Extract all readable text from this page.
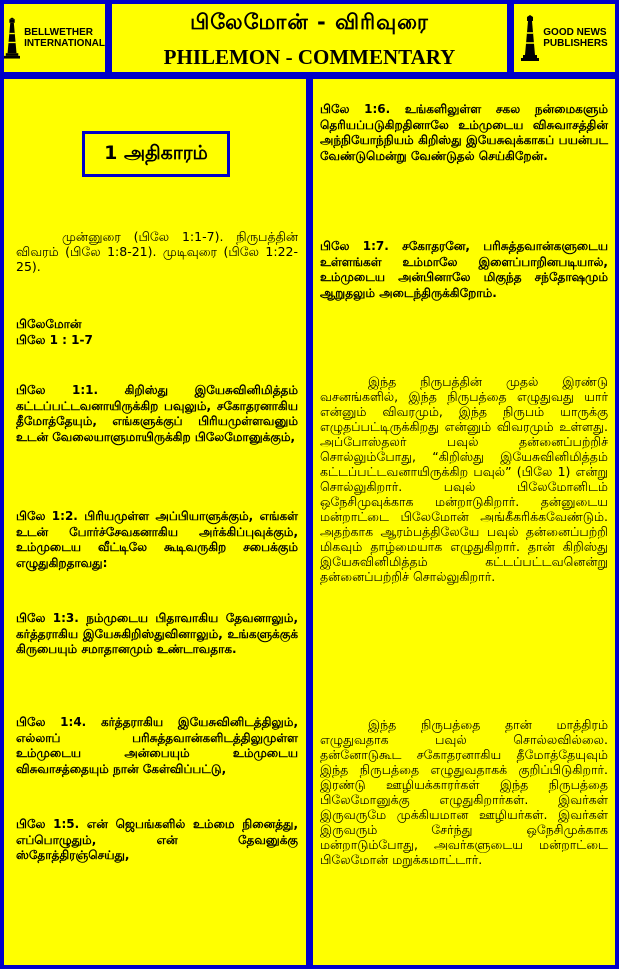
BELLWETHER
INTERNATIONAL
பிலேமோன் - விரிவுரை
PHILEMON - COMMENTARY
GOOD NEWS
PUBLISHERS
1 அதிகாரம்
முன்னுரை (பிலே 1:1-7). நிருபத்தின் விவரம் (பிலே 1:8-21). முடிவுரை (பிலே 1:22-25).

பிலேமோன்

பிலே 1 : 1-7

பிலே 1:1. கிறிஸ்து இயேசுவினிமித்தம் கட்டப்பட்டவனாயிருக்கிற பவுலும், சகோதரனாகிய தீமோத்தேயும், எங்களுக்குப் பிரியமுள்ளவனும் உடன் வேலையாளுமாயிருக்கிற பிலேமோனுக்கும்,
பிலே 1:2. பிரியமுள்ள அப்பியாளுக்கும், எங்கள் உடன் போர்ச்சேவகனாகிய அர்க்கிப்புவுக்கும், உம்முடைய வீட்டிலே கூடிவருகிற சபைக்கும் எழுதுகிறதாவது:
பிலே 1:3. நம்முடைய பிதாவாகிய தேவனாலும், கர்த்தராகிய இயேசுகிறிஸ்துவினாலும், உங்களுக்குக் கிருபையும் சமாதானமும் உண்டாவதாக.
பிலே 1:4. கர்த்தராகிய இயேசுவினிடத்திலும், எல்லாப் பரிசுத்தவான்களிடத்திலுமுள்ள உம்முடைய அன்பையும் உம்முடைய விசுவாசத்தையும் நான் கேள்விப்பட்டு,
பிலே 1:5. என் ஜெபங்களில் உம்மை நினைத்து, எப்பொழுதும், என் தேவனுக்கு ஸ்தோத்திரஞ்செய்து,
பிலே 1:6. உங்களிலுள்ள சகல நன்மைகளும் தெரியப்படுகிறதினாலே உம்முடைய விசுவாசத்தின் அந்நியோந்நியம் கிறிஸ்து இயேசுவுக்காகப் பயன்பட வேண்டுமென்று வேண்டுதல் செய்கிறேன்.
பிலே 1:7. சகோதரனே, பரிசுத்தவான்களுடைய உள்ளங்கள் உம்மாலே இளைப்பாறினபடியால், உம்முடைய அன்பினாலே மிகுந்த சந்தோஷமும் ஆறுதலும் அடைந்திருக்கிறோம்.
இந்த நிருபத்தின் முதல் இரண்டு வசனங்களில், இந்த நிருபத்தை எழுதுவது யார் என்னும் விவரமும், இந்த நிருபம் யாருக்கு எழுதப்பட்டிருக்கிறது என்னும் விவரமும் உள்ளது. அப்போஸ்தலர் பவுல் தன்னைப்பற்றிச் சொல்லும்போது, “கிறிஸ்து இயேசுவினிமித்தம் கட்டப்பட்டவனாயிருக்கிற பவுல்” (பிலே 1) என்று சொல்லுகிறார். பவுல் பிலேமோனிடம் ஒநேசிமுவுக்காக மன்றாடுகிறார். தன்னுடைய மன்றாட்டை பிலேமோன் அங்கீகரிக்கவேண்டும். அதற்காக ஆரம்பத்திலேயே பவுல் தன்னைப்பற்றி மிகவும் தாழ்மையாக எழுதுகிறார். தான் கிறிஸ்து இயேசுவினிமித்தம் கட்டப்பட்டவனென்று தன்னைப்பற்றிச் சொல்லுகிறார்.
இந்த நிருபத்தை தான் மாத்திரம் எழுதுவதாக பவுல் சொல்லவில்லை. தன்னோடுகூட சகோதரனாகிய தீமோத்தேயுவும் இந்த நிருபத்தை எழுதுவதாகக் குறிப்பிடுகிறார். இரண்டு ஊழியக்காரர்கள் இந்த நிருபத்தை பிலேமோனுக்கு எழுதுகிறார்கள். இவர்கள் இருவருமே முக்கியமான ஊழியர்கள். இவர்கள் இருவரும் சேர்ந்து ஒநேசிமுக்காக மன்றாடும்போது, அவர்களுடைய மன்றாட்டை பிலேமோன் மறுக்கமாட்டார்.
